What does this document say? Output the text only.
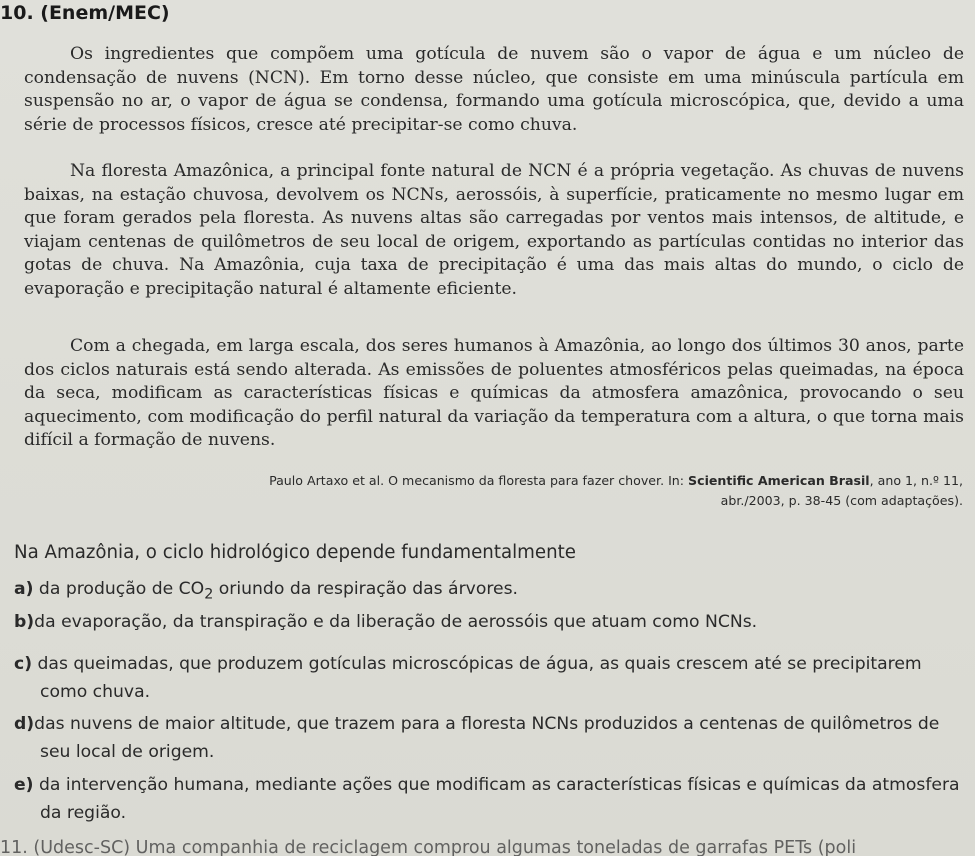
10. (Enem/MEC)

Os ingredientes que compõem uma gotícula de nuvem são o vapor de água e um núcleo de condensação de nuvens (NCN). Em torno desse núcleo, que consiste em uma minúscula partícula em suspensão no ar, o vapor de água se condensa, formando uma gotícula microscópica, que, devido a uma série de processos físicos, cresce até precipitar-se como chuva.

Na floresta Amazônica, a principal fonte natural de NCN é a própria vegetação. As chuvas de nuvens baixas, na estação chuvosa, devolvem os NCNs, aerossóis, à superfície, praticamente no mesmo lugar em que foram gerados pela floresta. As nuvens altas são carregadas por ventos mais intensos, de altitude, e viajam centenas de quilômetros de seu local de origem, exportando as partículas contidas no interior das gotas de chuva. Na Amazônia, cuja taxa de precipitação é uma das mais altas do mundo, o ciclo de evaporação e precipitação natural é altamente eficiente.

Com a chegada, em larga escala, dos seres humanos à Amazônia, ao longo dos últimos 30 anos, parte dos ciclos naturais está sendo alterada. As emissões de poluentes atmosféricos pelas queimadas, na época da seca, modificam as características físicas e químicas da atmosfera amazônica, provocando o seu aquecimento, com modificação do perfil natural da variação da temperatura com a altura, o que torna mais difícil a formação de nuvens.

Paulo Artaxo et al. O mecanismo da floresta para fazer chover. In: Scientific American Brasil, ano 1, n.º 11, abr./2003, p. 38-45 (com adaptações).
Na Amazônia, o ciclo hidrológico depende fundamentalmente
a) da produção de $CO_2$ oriundo da respiração das árvores.
b)da evaporação, da transpiração e da liberação de aerossóis que atuam como NCNs.
c) das queimadas, que produzem gotículas microscópicas de água, as quais crescem até se precipitarem como chuva.
d)das nuvens de maior altitude, que trazem para a floresta NCNs produzidos a centenas de quilômetros de seu local de origem.
e) da intervenção humana, mediante ações que modificam as características físicas e químicas da atmosfera da região.
11. (Udesc-SC) Uma companhia de reciclagem comprou algumas toneladas de garrafas PETs (poli
